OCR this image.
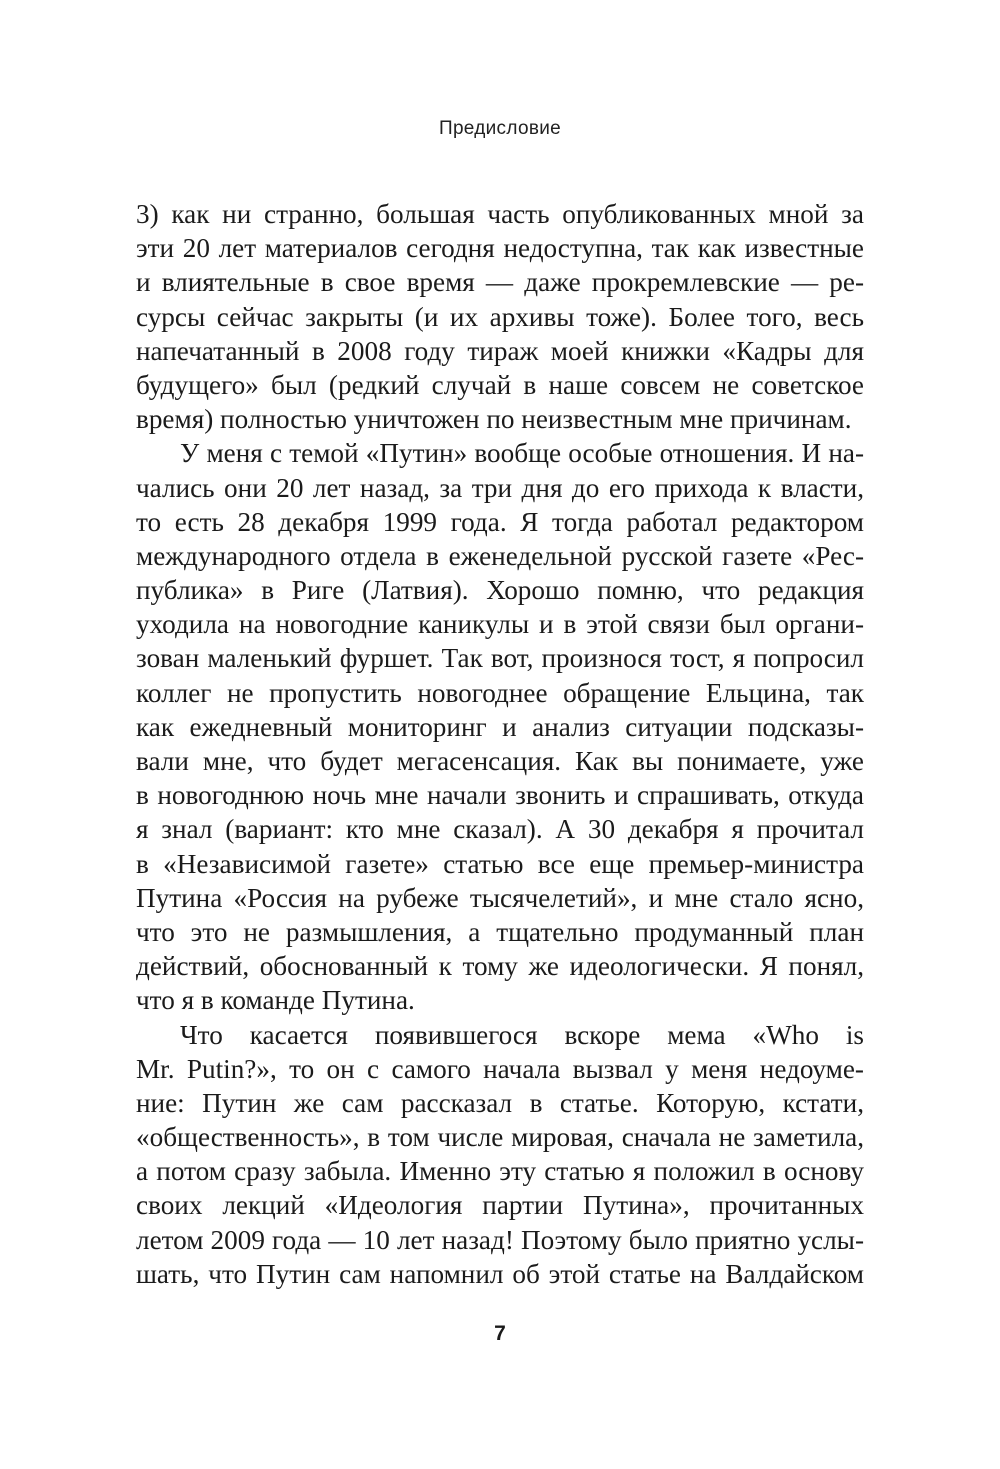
Предисловие
3) как ни странно, большая часть опубликованных мной за
эти 20 лет материалов сегодня недоступна, так как известные
и влиятельные в свое время — даже прокремлевские — ре-
сурсы сейчас закрыты (и их архивы тоже). Более того, весь
напечатанный в 2008 году тираж моей книжки «Кадры для
будущего» был (редкий случай в наше совсем не советское
время) полностью уничтожен по неизвестным мне причинам.
У меня с темой «Путин» вообще особые отношения. И на-
чались они 20 лет назад, за три дня до его прихода к власти,
то есть 28 декабря 1999 года. Я тогда работал редактором
международного отдела в еженедельной русской газете «Рес-
публика» в Риге (Латвия). Хорошо помню, что редакция
уходила на новогодние каникулы и в этой связи был органи-
зован маленький фуршет. Так вот, произнося тост, я попросил
коллег не пропустить новогоднее обращение Ельцина, так
как ежедневный мониторинг и анализ ситуации подсказы-
вали мне, что будет мегасенсация. Как вы понимаете, уже
в новогоднюю ночь мне начали звонить и спрашивать, откуда
я знал (вариант: кто мне сказал). А 30 декабря я прочитал
в «Независимой газете» статью все еще премьер-министра
Путина «Россия на рубеже тысячелетий», и мне стало ясно,
что это не размышления, а тщательно продуманный план
действий, обоснованный к тому же идеологически. Я понял,
что я в команде Путина.
Что касается появившегося вскоре мема «Who is
Mr. Putin?», то он с самого начала вызвал у меня недоуме-
ние: Путин же сам рассказал в статье. Которую, кстати,
«общественность», в том числе мировая, сначала не заметила,
а потом сразу забыла. Именно эту статью я положил в основу
своих лекций «Идеология партии Путина», прочитанных
летом 2009 года — 10 лет назад! Поэтому было приятно услы-
шать, что Путин сам напомнил об этой статье на Валдайском
7
